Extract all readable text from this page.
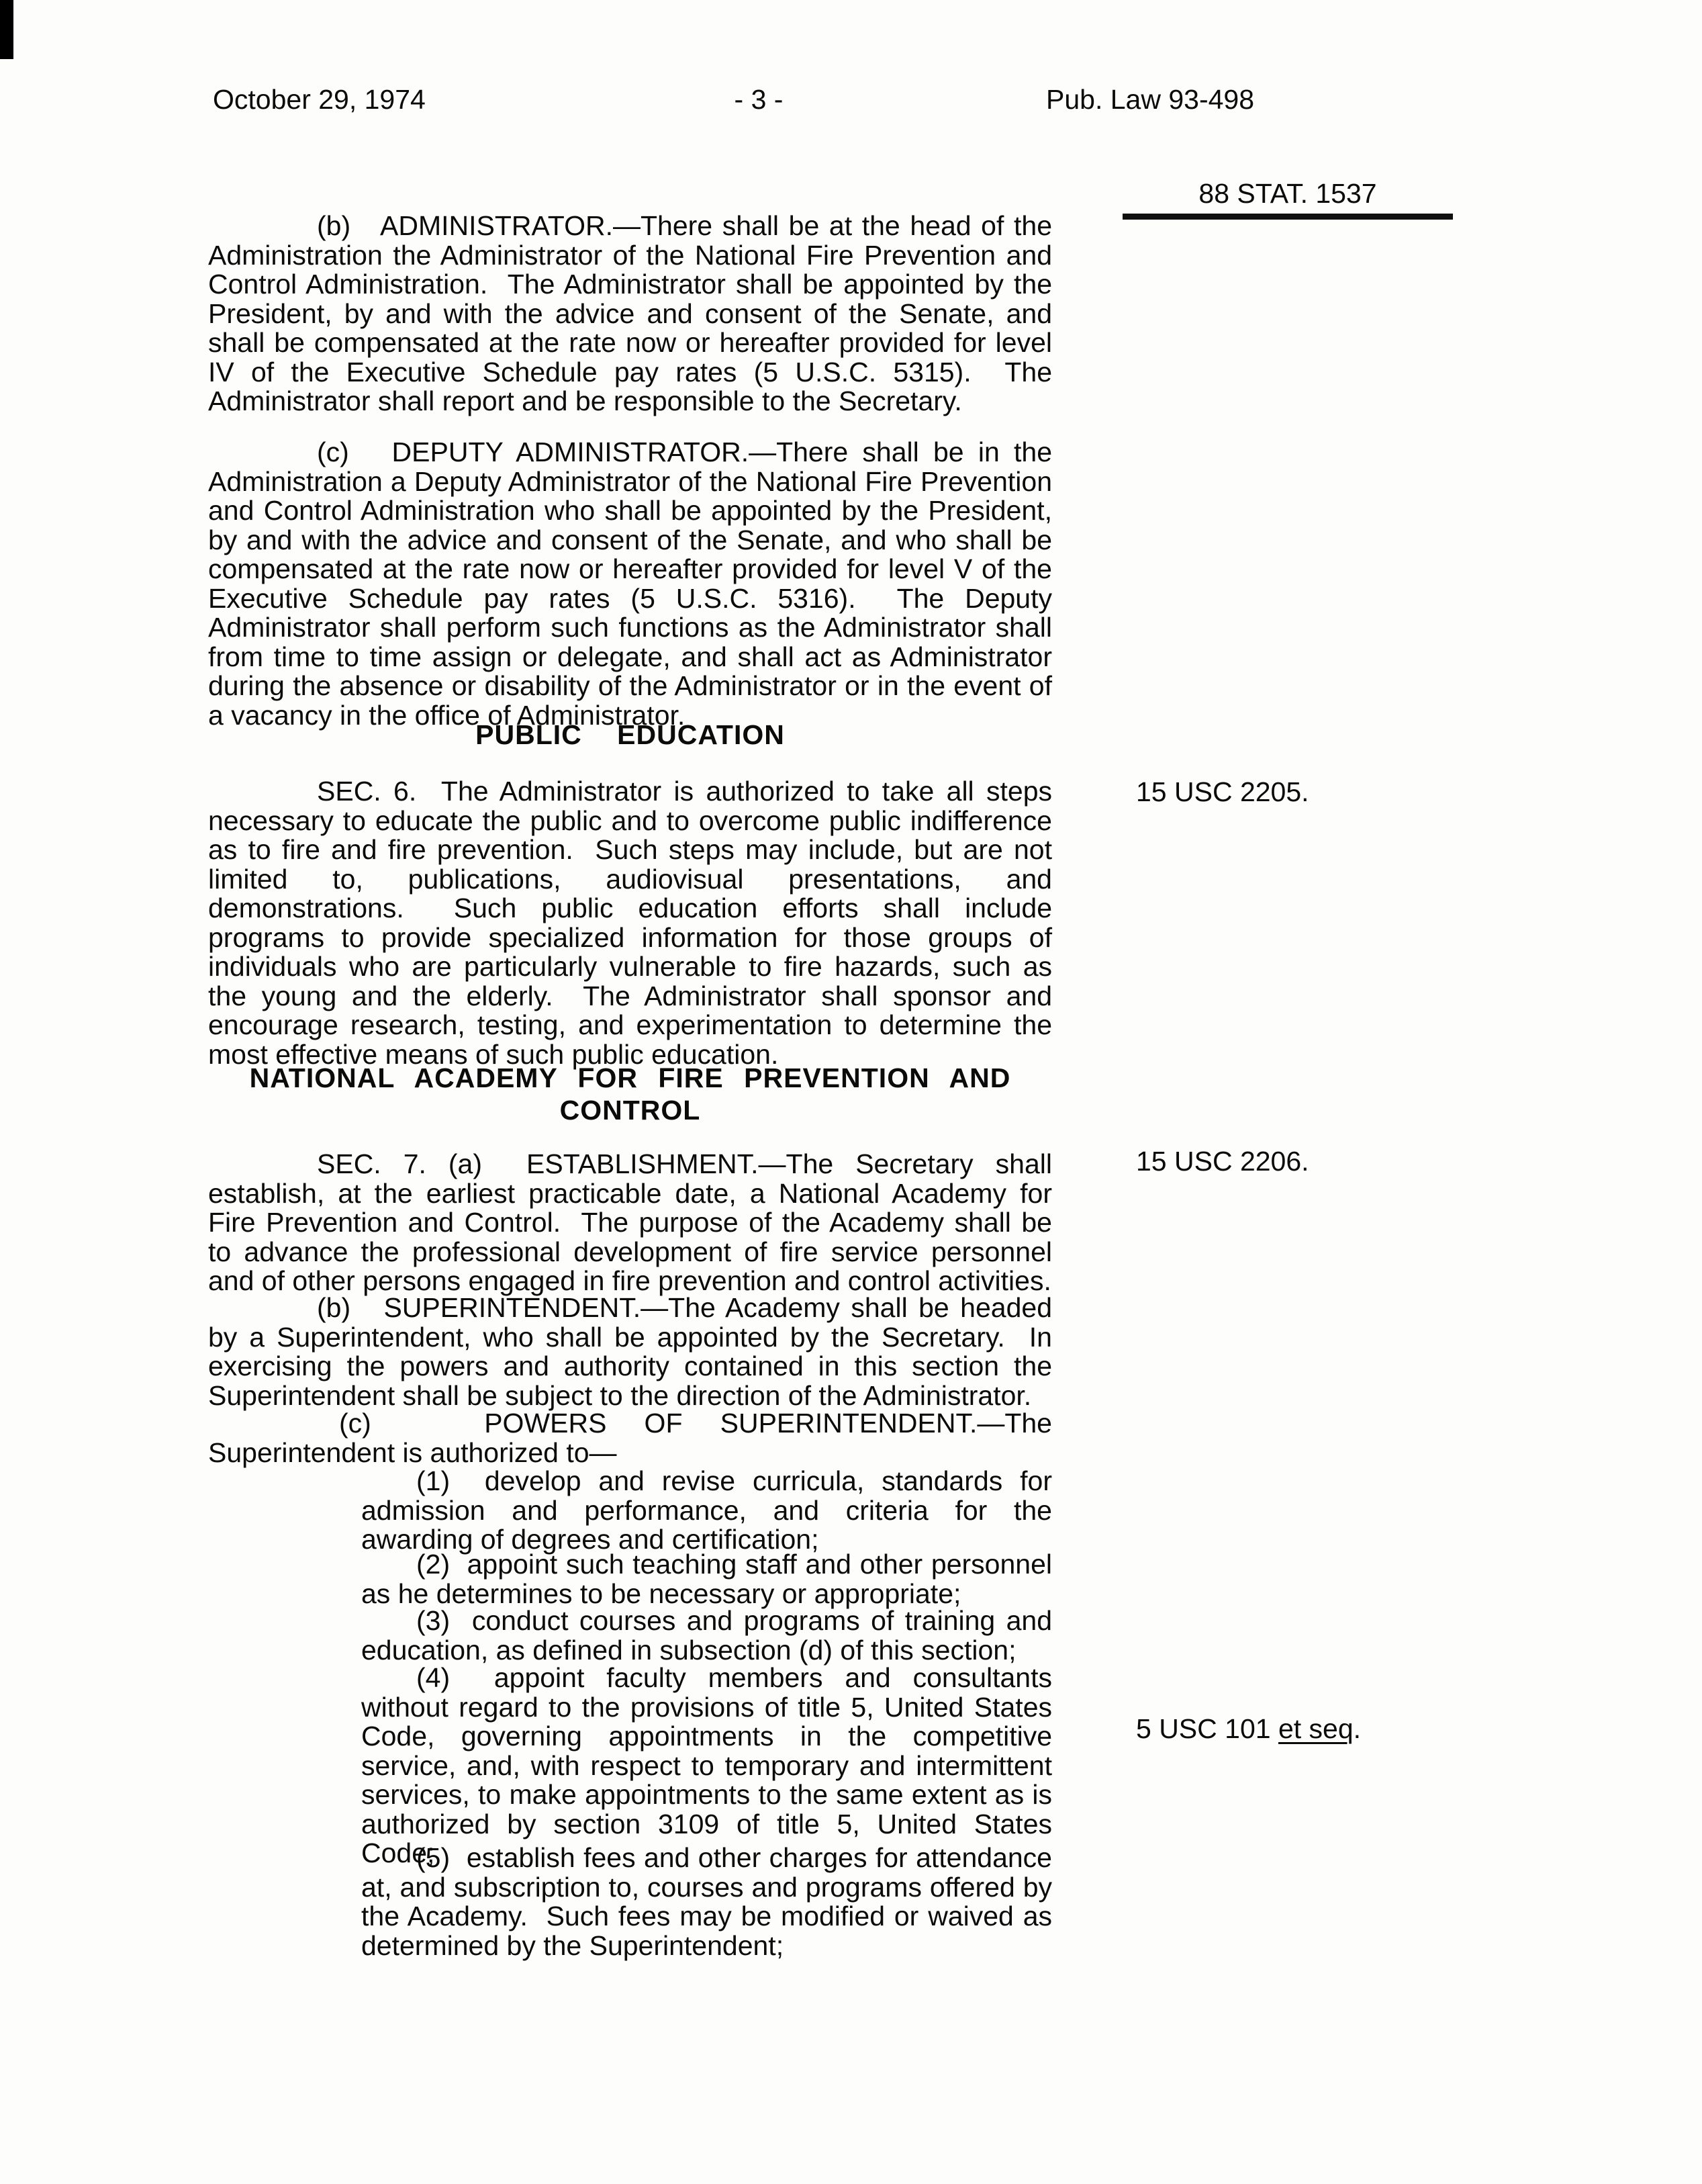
October 29, 1974	- 3 -	Pub. Law 93-498
88 STAT. 1537

(b)   ADMINISTRATOR.—There shall be at the head of the Administration the Administrator of the National Fire Prevention and Control Administration.  The Administrator shall be appointed by the President, by and with the advice and consent of the Senate, and shall be compensated at the rate now or hereafter provided for level IV of the Executive Schedule pay rates (5 U.S.C. 5315).  The Administrator shall report and be responsible to the Secretary.

(c)   DEPUTY ADMINISTRATOR.—There shall be in the Administration a Deputy Administrator of the National Fire Prevention and Control Administration who shall be appointed by the President, by and with the advice and consent of the Senate, and who shall be compensated at the rate now or hereafter provided for level V of the Executive Schedule pay rates (5 U.S.C. 5316).  The Deputy Administrator shall perform such functions as the Administrator shall from time to time assign or delegate, and shall act as Administrator during the absence or disability of the Administrator or in the event of a vacancy in the office of Administrator.

PUBLIC EDUCATION

SEC. 6.  The Administrator is authorized to take all steps necessary to educate the public and to overcome public indifference as to fire and fire prevention.  Such steps may include, but are not limited to, publications, audiovisual presentations, and demonstrations.  Such public education efforts shall include programs to provide specialized information for those groups of individuals who are particularly vulnerable to fire hazards, such as the young and the elderly.  The Administrator shall sponsor and encourage research, testing, and experimentation to determine the most effective means of such public education.

NATIONAL ACADEMY FOR FIRE PREVENTION AND
CONTROL

SEC. 7. (a)  ESTABLISHMENT.—The Secretary shall establish, at the earliest practicable date, a National Academy for Fire Prevention and Control.  The purpose of the Academy shall be to advance the professional development of fire service personnel and of other persons engaged in fire prevention and control activities.

(b)   SUPERINTENDENT.—The Academy shall be headed by a Superintendent, who shall be appointed by the Secretary.  In exercising the powers and authority contained in this section the Superintendent shall be subject to the direction of the Administrator.

(c)   POWERS OF SUPERINTENDENT.—The Superintendent is authorized to—

(1)  develop and revise curricula, standards for admission and performance, and criteria for the awarding of degrees and certification;

(2)  appoint such teaching staff and other personnel as he determines to be necessary or appropriate;

(3)  conduct courses and programs of training and education, as defined in subsection (d) of this section;

(4)  appoint faculty members and consultants without regard to the provisions of title 5, United States Code, governing appointments in the competitive service, and, with respect to temporary and intermittent services, to make appointments to the same extent as is authorized by section 3109 of title 5, United States Code;

(5)  establish fees and other charges for attendance at, and subscription to, courses and programs offered by the Academy.  Such fees may be modified or waived as determined by the Superintendent;

15 USC 2205.
15 USC 2206.
5 USC 101 et seq.
